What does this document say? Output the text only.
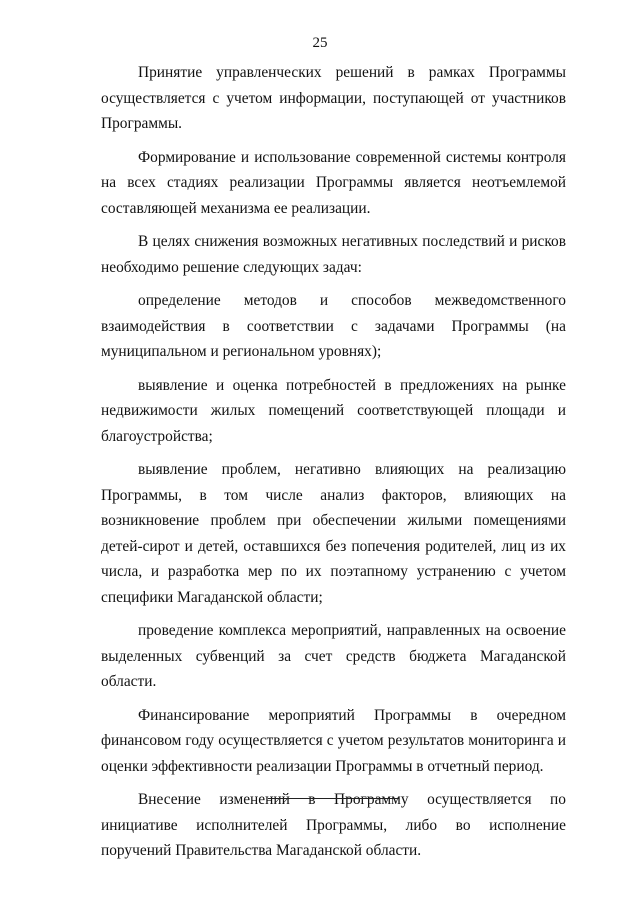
25

Принятие управленческих решений в рамках Программы осуществляется с учетом информации, поступающей от участников Программы.

Формирование и использование современной системы контроля на всех стадиях реализации Программы является неотъемлемой составляющей механизма ее реализации.

В целях снижения возможных негативных последствий и рисков необходимо решение следующих задач:

определение методов и способов межведомственного взаимодействия в соответствии с задачами Программы (на муниципальном и региональном уровнях);

выявление и оценка потребностей в предложениях на рынке недвижимости жилых помещений соответствующей площади и благоустройства;

выявление проблем, негативно влияющих на реализацию Программы, в том числе анализ факторов, влияющих на возникновение проблем при обеспечении жилыми помещениями детей-сирот и детей, оставшихся без попечения родителей, лиц из их числа, и разработка мер по их поэтапному устранению с учетом специфики Магаданской области;

проведение комплекса мероприятий, направленных на освоение выделенных субвенций за счет средств бюджета Магаданской области.

Финансирование мероприятий Программы в очередном финансовом году осуществляется с учетом результатов мониторинга и оценки эффективности реализации Программы в отчетный период.

Внесение изменений в Программу осуществляется по инициативе исполнителей Программы, либо во исполнение поручений Правительства Магаданской области.
